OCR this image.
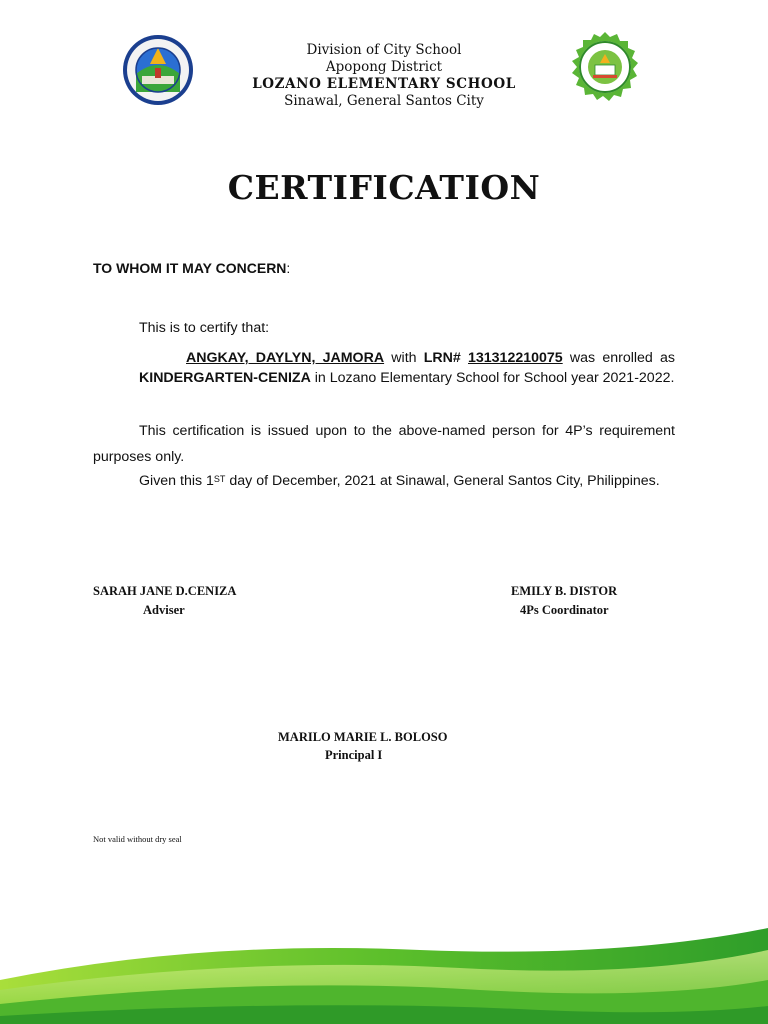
Division of City School
Apopong District
LOZANO ELEMENTARY SCHOOL
Sinawal, General Santos City
CERTIFICATION
TO WHOM IT MAY CONCERN:
This is to certify that:
ANGKAY, DAYLYN, JAMORA with LRN# 131312210075 was enrolled as KINDERGARTEN-CENIZA in Lozano Elementary School for School year 2021-2022.
This certification is issued upon to the above-named person for 4P’s requirement purposes only.
Given this 1ST day of December, 2021 at Sinawal, General Santos City, Philippines.
SARAH JANE D.CENIZA
Adviser
EMILY B. DISTOR
4Ps Coordinator
MARILO MARIE L. BOLOSO
Principal I
Not valid without dry seal
